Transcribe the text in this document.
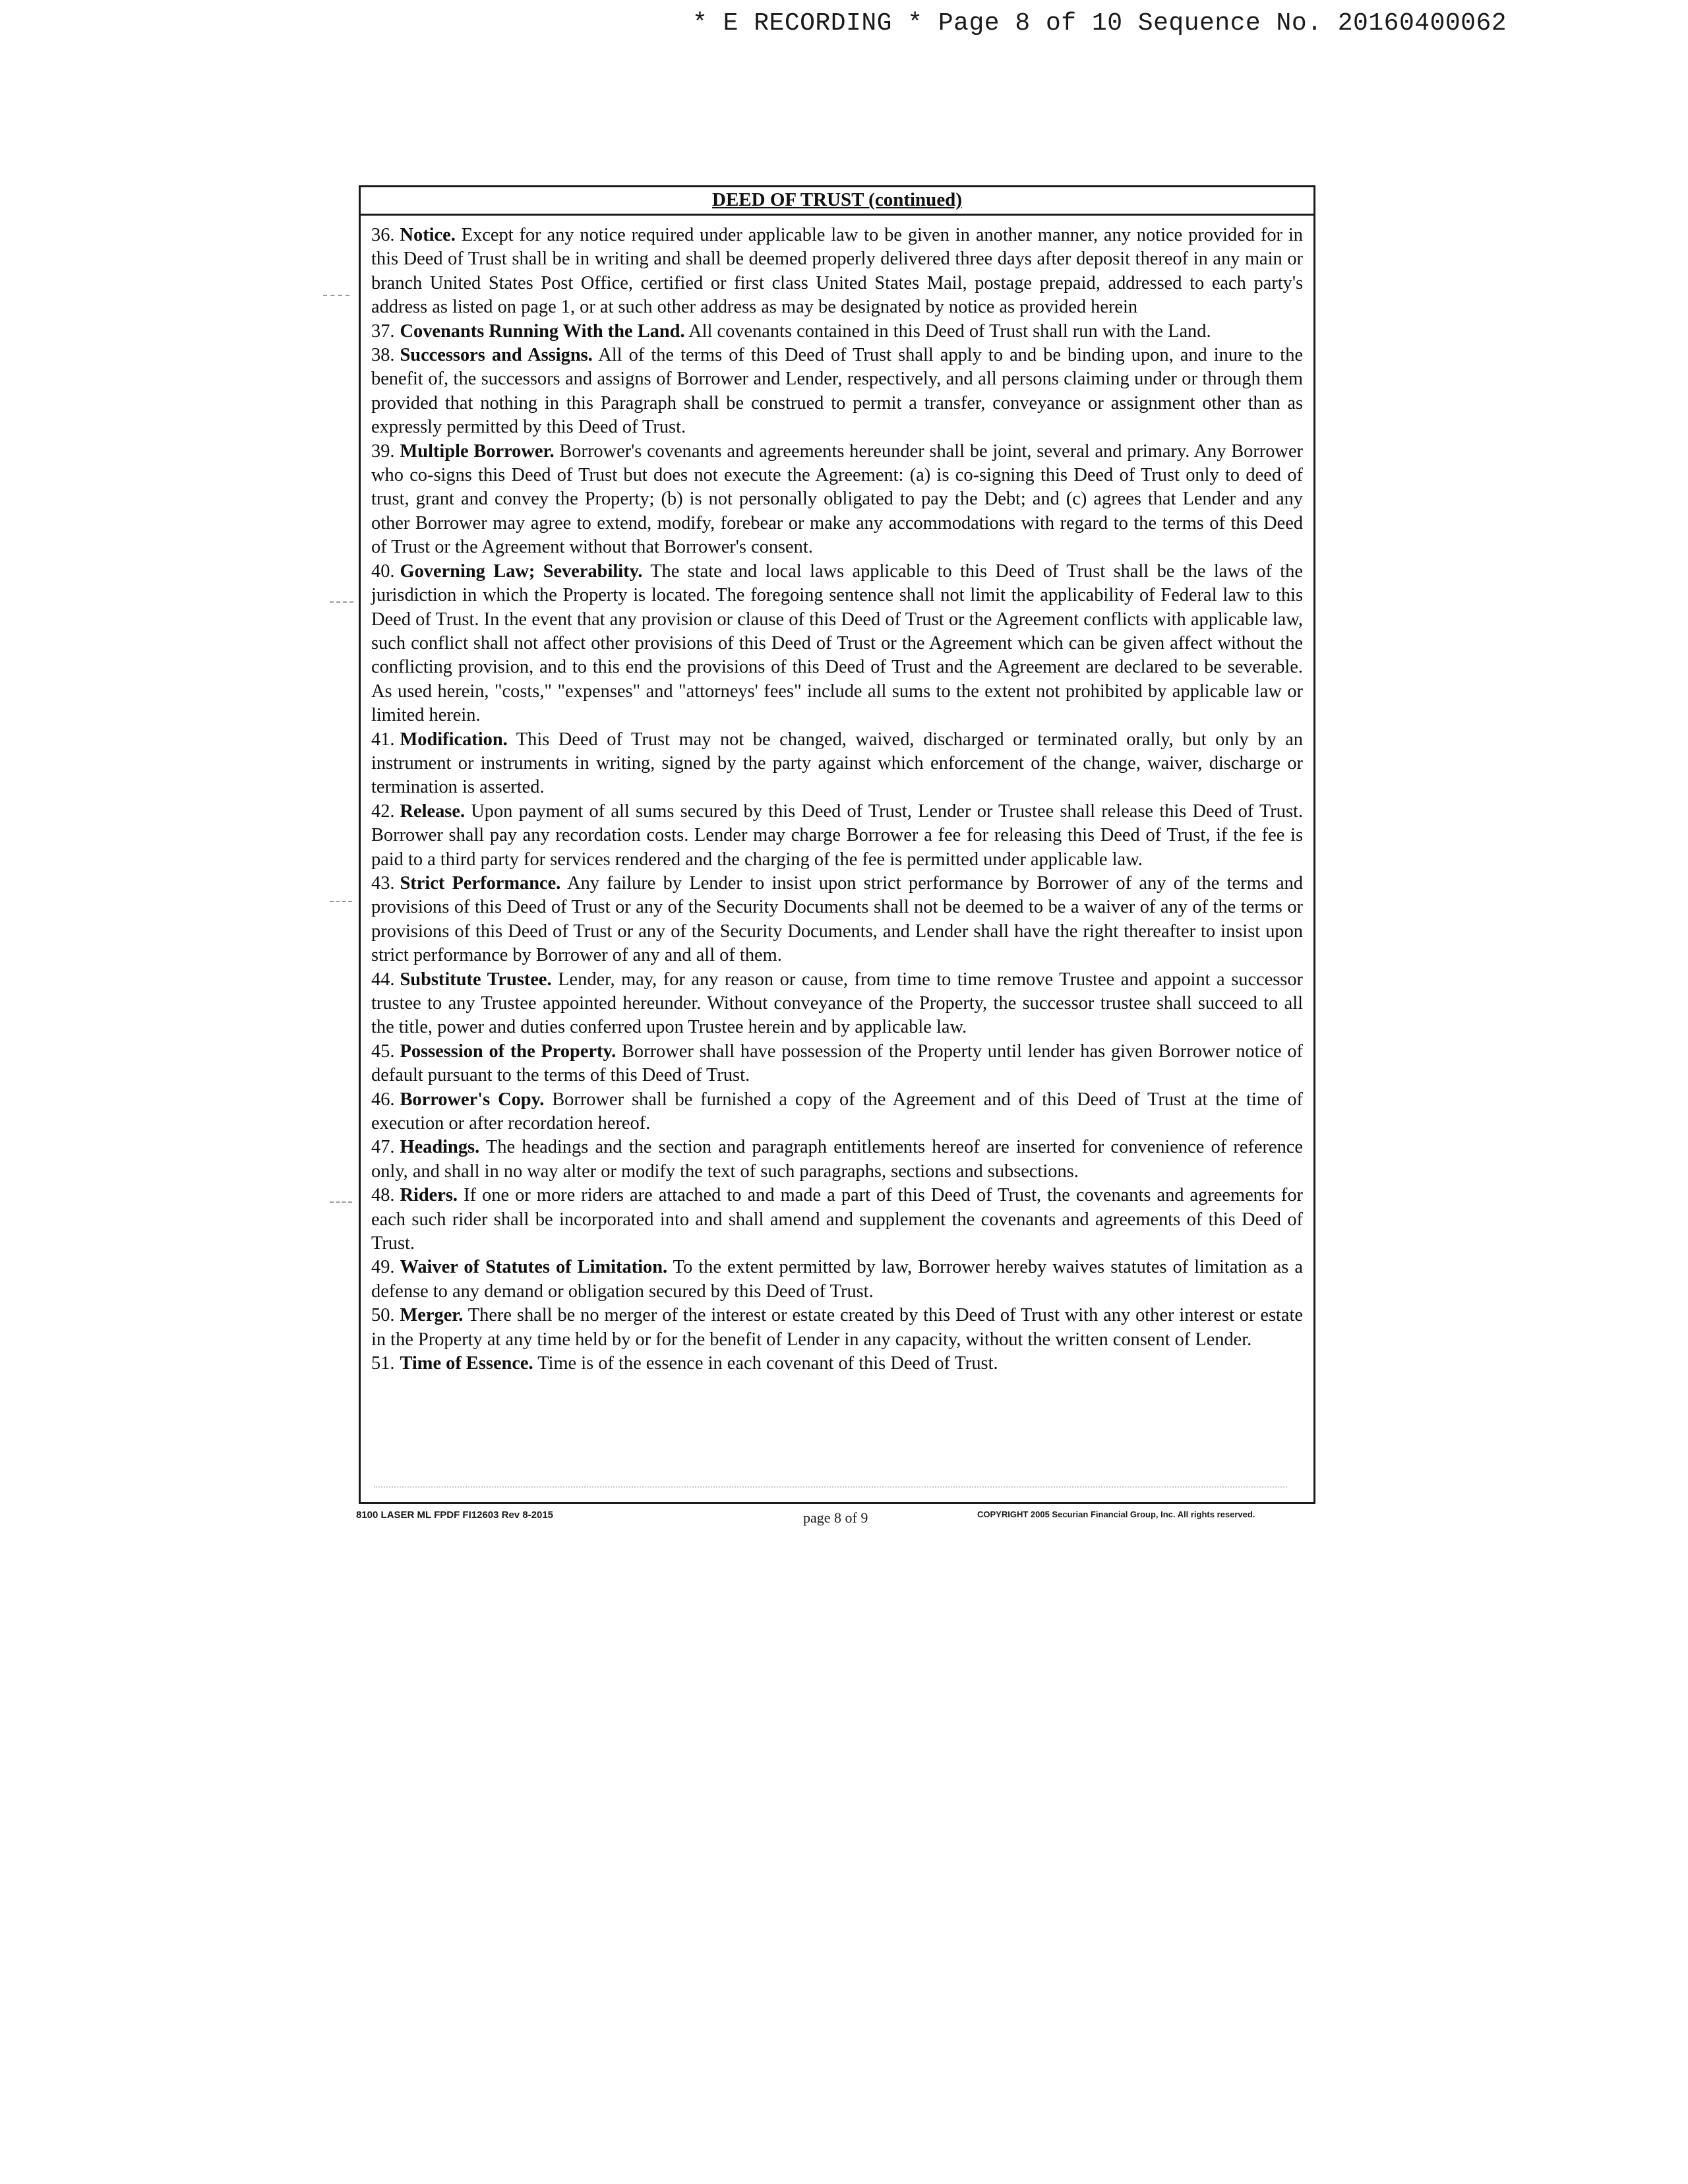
* E RECORDING * Page 8 of 10 Sequence No. 20160400062
DEED OF TRUST (continued)

36. Notice. Except for any notice required under applicable law to be given in another manner, any notice provided for in this Deed of Trust shall be in writing and shall be deemed properly delivered three days after deposit thereof in any main or branch United States Post Office, certified or first class United States Mail, postage prepaid, addressed to each party's address as listed on page 1, or at such other address as may be designated by notice as provided herein

37. Covenants Running With the Land. All covenants contained in this Deed of Trust shall run with the Land.

38. Successors and Assigns. All of the terms of this Deed of Trust shall apply to and be binding upon, and inure to the benefit of, the successors and assigns of Borrower and Lender, respectively, and all persons claiming under or through them provided that nothing in this Paragraph shall be construed to permit a transfer, conveyance or assignment other than as expressly permitted by this Deed of Trust.

39. Multiple Borrower. Borrower's covenants and agreements hereunder shall be joint, several and primary. Any Borrower who co-signs this Deed of Trust but does not execute the Agreement: (a) is co-signing this Deed of Trust only to deed of trust, grant and convey the Property; (b) is not personally obligated to pay the Debt; and (c) agrees that Lender and any other Borrower may agree to extend, modify, forebear or make any accommodations with regard to the terms of this Deed of Trust or the Agreement without that Borrower's consent.

40. Governing Law; Severability. The state and local laws applicable to this Deed of Trust shall be the laws of the jurisdiction in which the Property is located. The foregoing sentence shall not limit the applicability of Federal law to this Deed of Trust. In the event that any provision or clause of this Deed of Trust or the Agreement conflicts with applicable law, such conflict shall not affect other provisions of this Deed of Trust or the Agreement which can be given affect without the conflicting provision, and to this end the provisions of this Deed of Trust and the Agreement are declared to be severable. As used herein, "costs," "expenses" and "attorneys' fees" include all sums to the extent not prohibited by applicable law or limited herein.

41. Modification. This Deed of Trust may not be changed, waived, discharged or terminated orally, but only by an instrument or instruments in writing, signed by the party against which enforcement of the change, waiver, discharge or termination is asserted.

42. Release. Upon payment of all sums secured by this Deed of Trust, Lender or Trustee shall release this Deed of Trust. Borrower shall pay any recordation costs. Lender may charge Borrower a fee for releasing this Deed of Trust, if the fee is paid to a third party for services rendered and the charging of the fee is permitted under applicable law.

43. Strict Performance. Any failure by Lender to insist upon strict performance by Borrower of any of the terms and provisions of this Deed of Trust or any of the Security Documents shall not be deemed to be a waiver of any of the terms or provisions of this Deed of Trust or any of the Security Documents, and Lender shall have the right thereafter to insist upon strict performance by Borrower of any and all of them.

44. Substitute Trustee. Lender, may, for any reason or cause, from time to time remove Trustee and appoint a successor trustee to any Trustee appointed hereunder. Without conveyance of the Property, the successor trustee shall succeed to all the title, power and duties conferred upon Trustee herein and by applicable law.

45. Possession of the Property. Borrower shall have possession of the Property until lender has given Borrower notice of default pursuant to the terms of this Deed of Trust.

46. Borrower's Copy. Borrower shall be furnished a copy of the Agreement and of this Deed of Trust at the time of execution or after recordation hereof.

47. Headings. The headings and the section and paragraph entitlements hereof are inserted for convenience of reference only, and shall in no way alter or modify the text of such paragraphs, sections and subsections.

48. Riders. If one or more riders are attached to and made a part of this Deed of Trust, the covenants and agreements for each such rider shall be incorporated into and shall amend and supplement the covenants and agreements of this Deed of Trust.

49. Waiver of Statutes of Limitation. To the extent permitted by law, Borrower hereby waives statutes of limitation as a defense to any demand or obligation secured by this Deed of Trust.

50. Merger. There shall be no merger of the interest or estate created by this Deed of Trust with any other interest or estate in the Property at any time held by or for the benefit of Lender in any capacity, without the written consent of Lender.

51. Time of Essence. Time is of the essence in each covenant of this Deed of Trust.

8100 LASER ML FPDF FI12603 Rev 8-2015	page 8 of 9	COPYRIGHT 2005 Securian Financial Group, Inc. All rights reserved.
